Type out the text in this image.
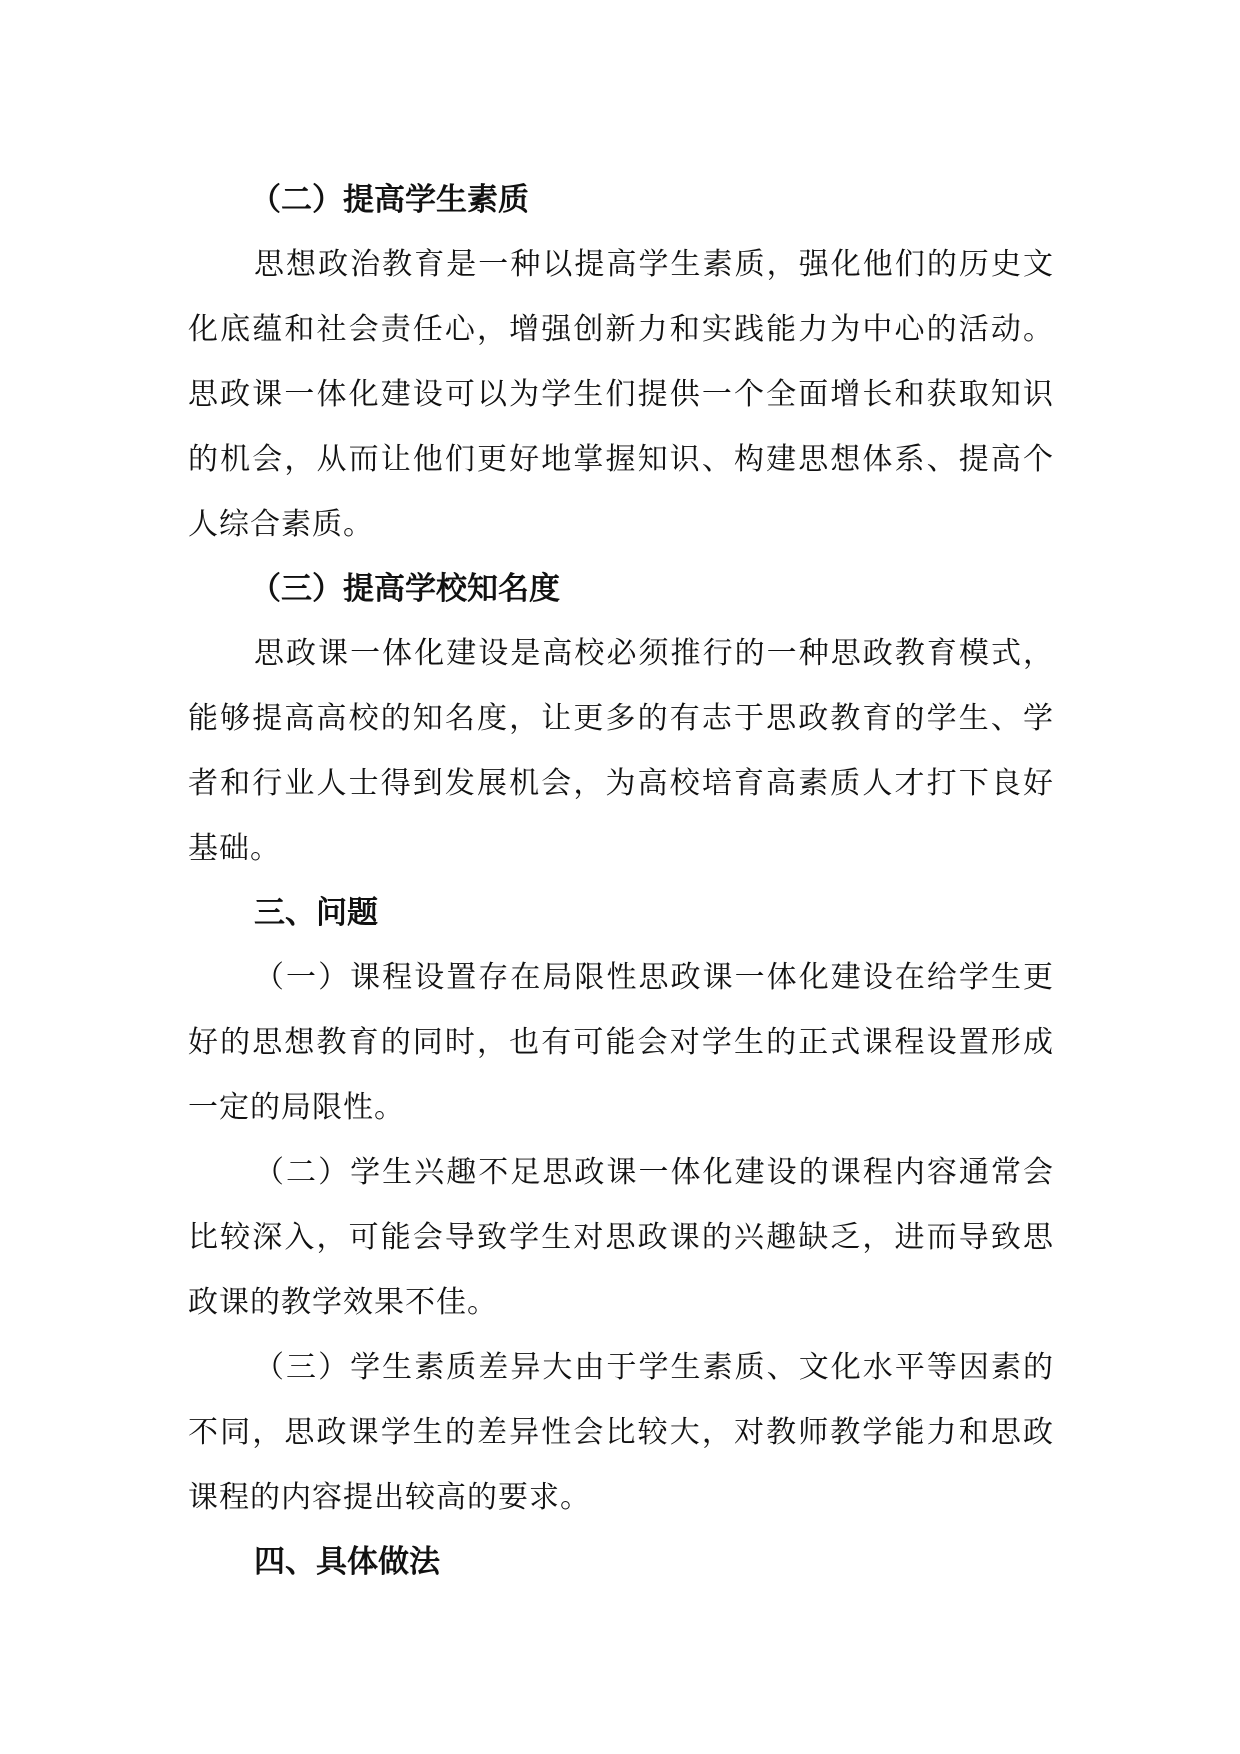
（二）提高学生素质

思想政治教育是一种以提高学生素质，强化他们的历史文化底蕴和社会责任心，增强创新力和实践能力为中心的活动。思政课一体化建设可以为学生们提供一个全面增长和获取知识的机会，从而让他们更好地掌握知识、构建思想体系、提高个人综合素质。

（三）提高学校知名度

思政课一体化建设是高校必须推行的一种思政教育模式，能够提高高校的知名度，让更多的有志于思政教育的学生、学者和行业人士得到发展机会，为高校培育高素质人才打下良好基础。

三、问题

（一）课程设置存在局限性思政课一体化建设在给学生更好的思想教育的同时，也有可能会对学生的正式课程设置形成一定的局限性。

（二）学生兴趣不足思政课一体化建设的课程内容通常会比较深入，可能会导致学生对思政课的兴趣缺乏，进而导致思政课的教学效果不佳。

（三）学生素质差异大由于学生素质、文化水平等因素的不同，思政课学生的差异性会比较大，对教师教学能力和思政课程的内容提出较高的要求。

四、具体做法
